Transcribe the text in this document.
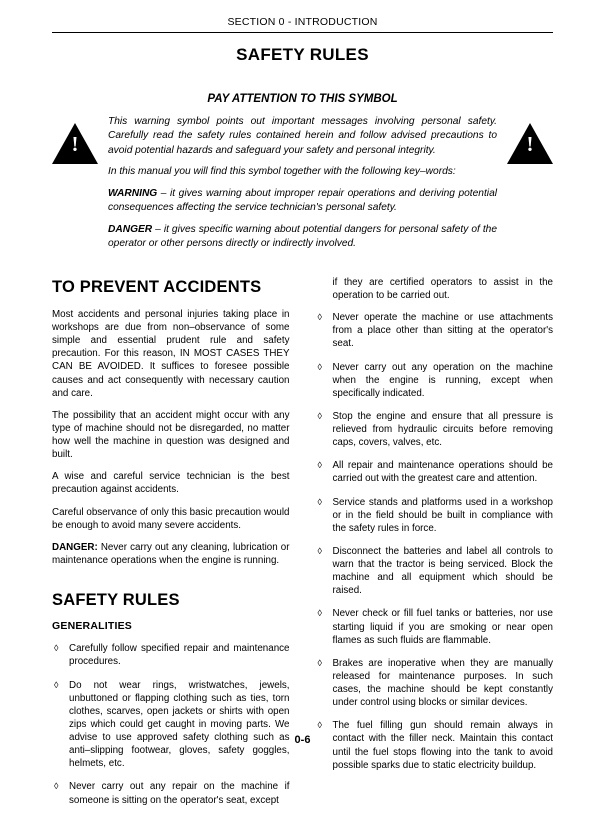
SECTION 0 - INTRODUCTION
SAFETY RULES
PAY ATTENTION TO THIS SYMBOL
!	!

This warning symbol points out important messages involving personal safety. Carefully read the safety rules contained herein and follow advised precautions to avoid potential hazards and safeguard your safety and personal integrity.

In this manual you will find this symbol together with the following key–words:

WARNING – it gives warning about improper repair operations and deriving potential consequences affecting the service technician's personal safety.

DANGER – it gives specific warning about potential dangers for personal safety of the operator or other persons directly or indirectly involved.

TO PREVENT ACCIDENTS

Most accidents and personal injuries taking place in workshops are due from non–observance of some simple and essential prudent rule and safety precaution. For this reason, IN MOST CASES THEY CAN BE AVOIDED. It suffices to foresee possible causes and act consequently with necessary caution and care.

The possibility that an accident might occur with any type of machine should not be disregarded, no matter how well the machine in question was designed and built.

A wise and careful service technician is the best precaution against accidents.

Careful observance of only this basic precaution would be enough to avoid many severe accidents.

DANGER: Never carry out any cleaning, lubrication or maintenance operations when the engine is running.

SAFETY RULES
GENERALITIES
◊ Carefully follow specified repair and maintenance procedures.
◊ Do not wear rings, wristwatches, jewels, unbuttoned or flapping clothing such as ties, torn clothes, scarves, open jackets or shirts with open zips which could get caught in moving parts. We advise to use approved safety clothing such as anti–slipping footwear, gloves, safety goggles, helmets, etc.
◊ Never carry out any repair on the machine if someone is sitting on the operator's seat, except

if they are certified operators to assist in the operation to be carried out.

◊ Never operate the machine or use attachments from a place other than sitting at the operator's seat.
◊ Never carry out any operation on the machine when the engine is running, except when specifically indicated.
◊ Stop the engine and ensure that all pressure is relieved from hydraulic circuits before removing caps, covers, valves, etc.
◊ All repair and maintenance operations should be carried out with the greatest care and attention.
◊ Service stands and platforms used in a workshop or in the field should be built in compliance with the safety rules in force.
◊ Disconnect the batteries and label all controls to warn that the tractor is being serviced. Block the machine and all equipment which should be raised.
◊ Never check or fill fuel tanks or batteries, nor use starting liquid if you are smoking or near open flames as such fluids are flammable.
◊ Brakes are inoperative when they are manually released for maintenance purposes. In such cases, the machine should be kept constantly under control using blocks or similar devices.
◊ The fuel filling gun should remain always in contact with the filler neck. Maintain this contact until the fuel stops flowing into the tank to avoid possible sparks due to static electricity buildup.
0-6
